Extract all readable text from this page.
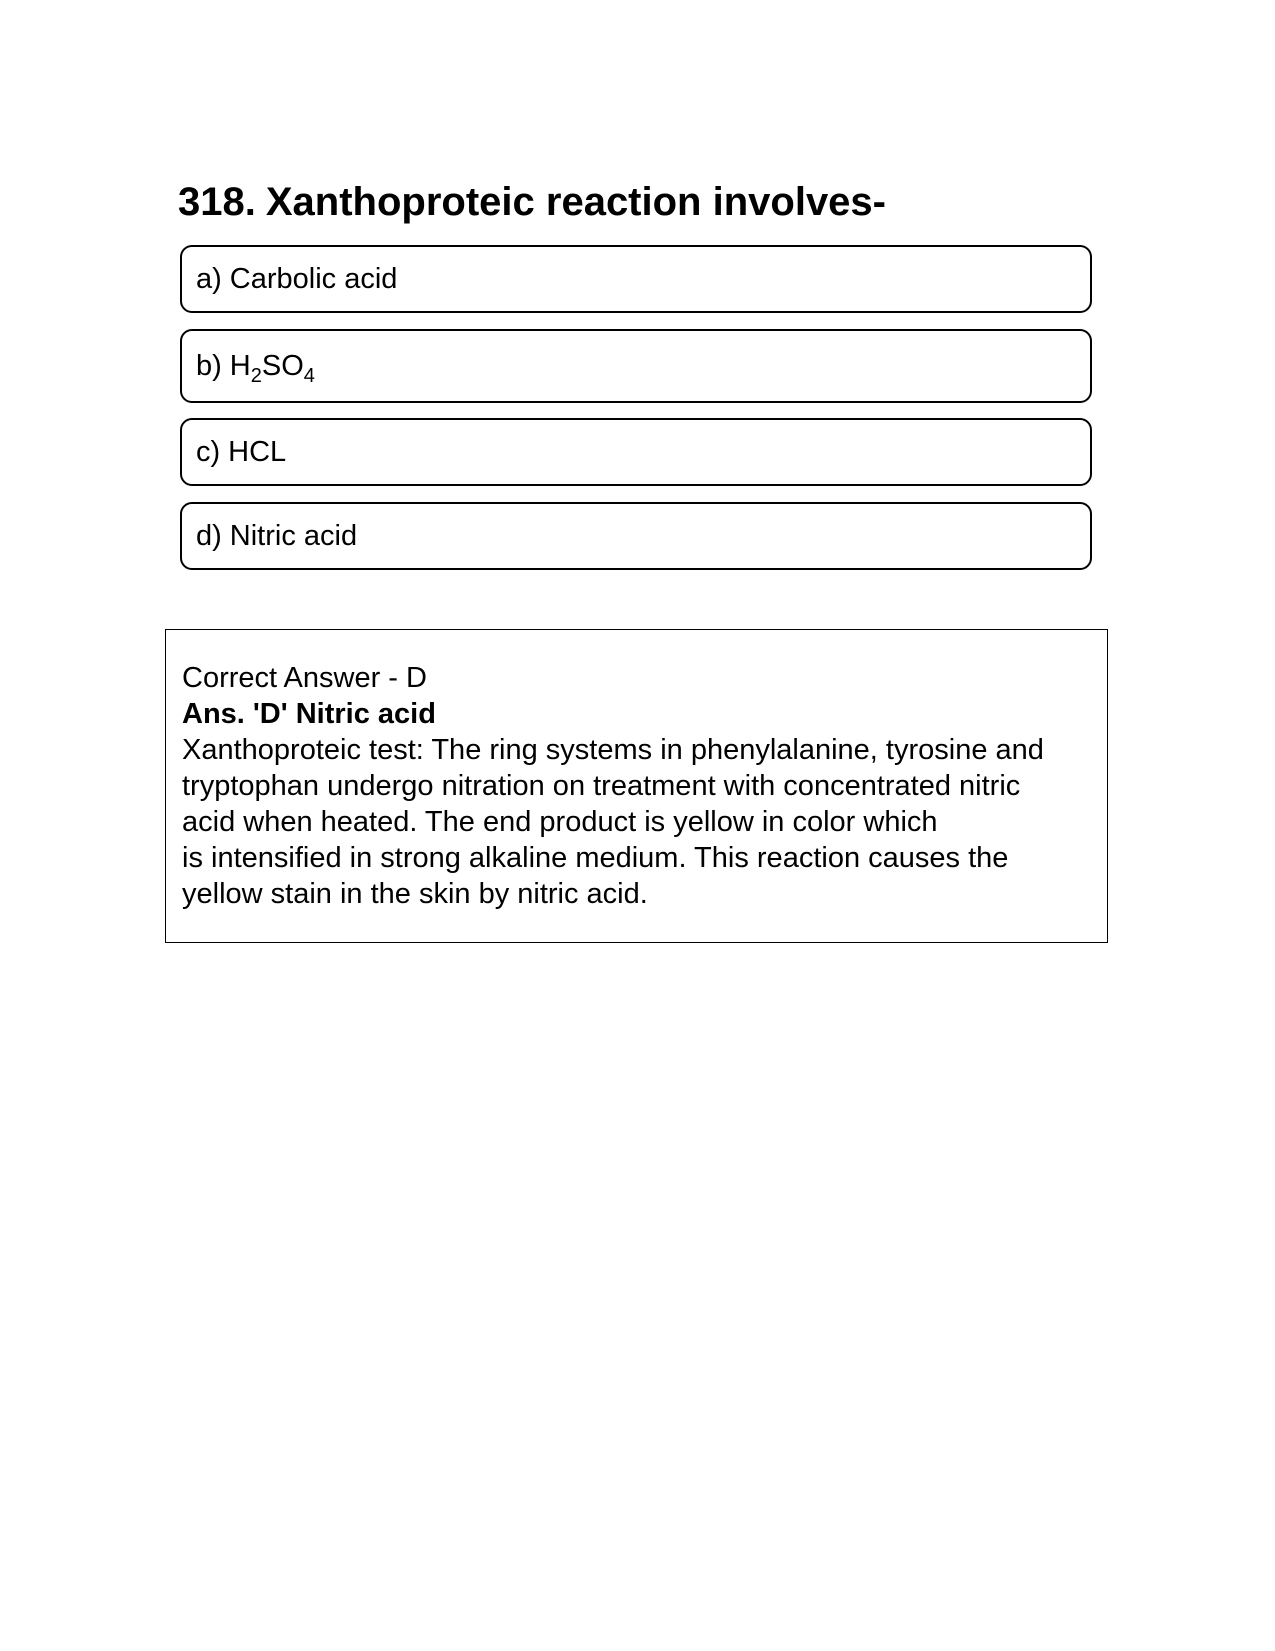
318. Xanthoproteic reaction involves-
a) Carbolic acid
b) $H_2SO_4$
c) HCL
d) Nitric acid
Correct Answer - D
Ans. 'D' Nitric acid
Xanthoproteic test: The ring systems in phenylalanine, tyrosine and
tryptophan undergo nitration on treatment with concentrated nitric
acid when heated. The end product is yellow in color which
is intensified in strong alkaline medium. This reaction causes the
yellow stain in the skin by nitric acid.
